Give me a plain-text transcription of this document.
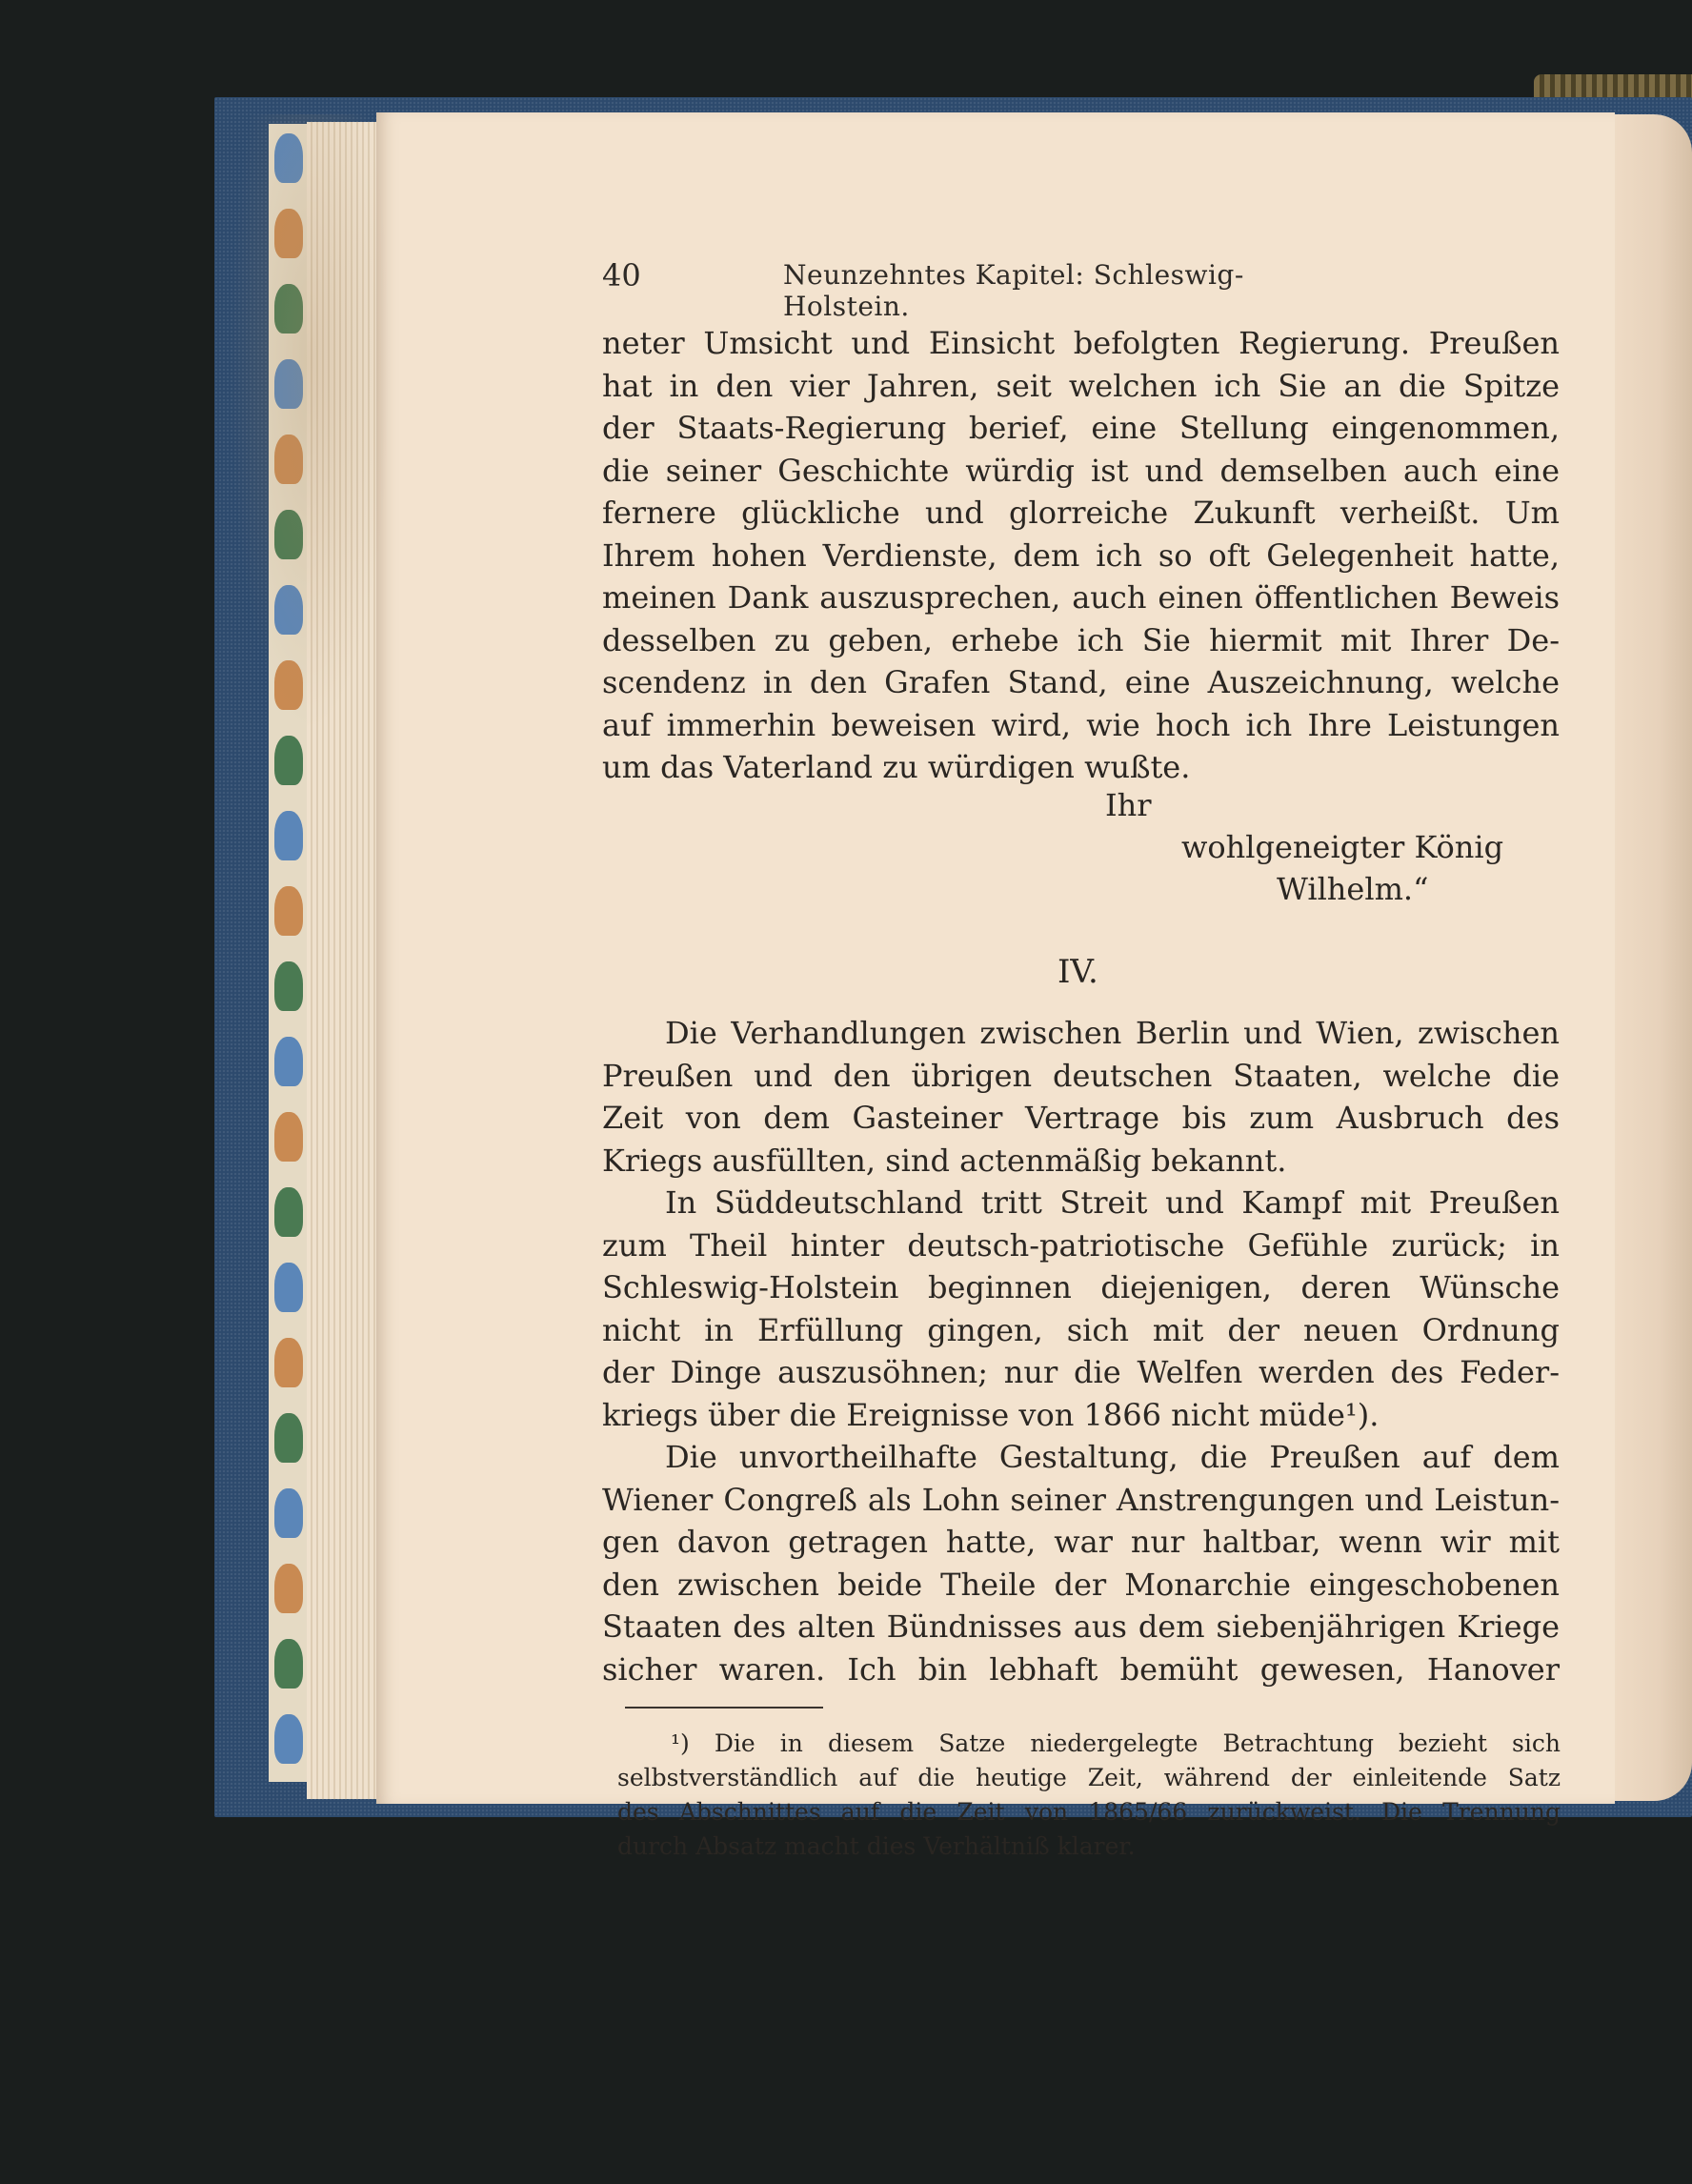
40	Neunzehntes Kapitel: Schleswig-Holstein.
neter Umsicht und Einsicht befolgten Regierung. Preußen
hat in den vier Jahren, seit welchen ich Sie an die Spitze
der Staats-Regierung berief, eine Stellung eingenommen,
die seiner Geschichte würdig ist und demselben auch eine
fernere glückliche und glorreiche Zukunft verheißt. Um
Ihrem hohen Verdienste, dem ich so oft Gelegenheit hatte,
meinen Dank auszusprechen, auch einen öffentlichen Beweis
desselben zu geben, erhebe ich Sie hiermit mit Ihrer De-
scendenz in den Grafen Stand, eine Auszeichnung, welche
auf immerhin beweisen wird, wie hoch ich Ihre Leistungen
um das Vaterland zu würdigen wußte.
Ihr
wohlgeneigter König
Wilhelm.“
IV.
Die Verhandlungen zwischen Berlin und Wien, zwischen
Preußen und den übrigen deutschen Staaten, welche die
Zeit von dem Gasteiner Vertrage bis zum Ausbruch des
Kriegs ausfüllten, sind actenmäßig bekannt.
In Süddeutschland tritt Streit und Kampf mit Preußen
zum Theil hinter deutsch-patriotische Gefühle zurück; in
Schleswig-Holstein beginnen diejenigen, deren Wünsche
nicht in Erfüllung gingen, sich mit der neuen Ordnung
der Dinge auszusöhnen; nur die Welfen werden des Feder-
kriegs über die Ereignisse von 1866 nicht müde¹).
Die unvortheilhafte Gestaltung, die Preußen auf dem
Wiener Congreß als Lohn seiner Anstrengungen und Leistun-
gen davon getragen hatte, war nur haltbar, wenn wir mit
den zwischen beide Theile der Monarchie eingeschobenen
Staaten des alten Bündnisses aus dem siebenjährigen Kriege
sicher waren. Ich bin lebhaft bemüht gewesen, Hanover
¹) Die in diesem Satze niedergelegte Betrachtung bezieht sich
selbstverständlich auf die heutige Zeit, während der einleitende Satz
des Abschnittes auf die Zeit von 1865/66 zurückweist. Die Trennung
durch Absatz macht dies Verhältniß klarer.
